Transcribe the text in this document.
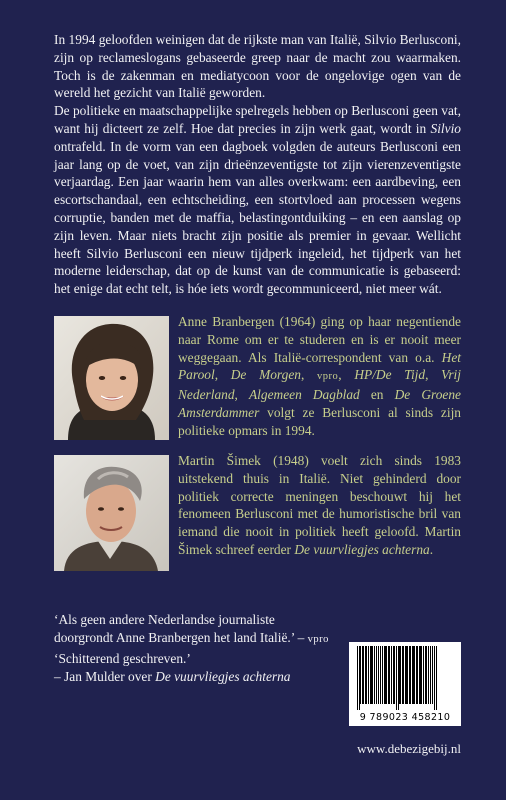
In 1994 geloofden weinigen dat de rijkste man van Italië, Silvio Berlusconi, zijn op reclameslogans gebaseerde greep naar de macht zou waarmaken. Toch is de zakenman en mediatycoon voor de ongelovige ogen van de wereld het gezicht van Italië geworden.

De politieke en maatschappelijke spelregels hebben op Berlusconi geen vat, want hij dicteert ze zelf. Hoe dat precies in zijn werk gaat, wordt in Silvio ontrafeld. In de vorm van een dagboek volgden de auteurs Berlusconi een jaar lang op de voet, van zijn drieënzeventigste tot zijn vierenzeventigste verjaardag. Een jaar waarin hem van alles overkwam: een aardbeving, een escortschandaal, een echtscheiding, een stortvloed aan processen wegens corruptie, banden met de maffia, belastingontduiking – en een aanslag op zijn leven. Maar niets bracht zijn positie als premier in gevaar. Wellicht heeft Silvio Berlusconi een nieuw tijdperk ingeleid, het tijdperk van het moderne leiderschap, dat op de kunst van de communicatie is gebaseerd: het enige dat echt telt, is hóe iets wordt gecommuniceerd, niet meer wát.

Anne Branbergen (1964) ging op haar negentiende naar Rome om er te studeren en is er nooit meer weggegaan. Als Italië-correspondent van o.a. Het Parool, De Morgen, vpro, HP/De Tijd, Vrij Nederland, Algemeen Dagblad en De Groene Amsterdammer volgt ze Berlusconi al sinds zijn politieke opmars in 1994.
Martin Šimek (1948) voelt zich sinds 1983 uitstekend thuis in Italië. Niet gehinderd door politiek correcte meningen beschouwt hij het fenomeen Berlusconi met de humoristische bril van iemand die nooit in politiek heeft geloofd. Martin Šimek schreef eerder De vuurvliegjes achterna.
‘Als geen andere Nederlandse journaliste doorgrondt Anne Branbergen het land Italië.’ – vpro
‘Schitterend geschreven.’
– Jan Mulder over De vuurvliegjes achterna
9 789023 458210
www.debezigebij.nl
